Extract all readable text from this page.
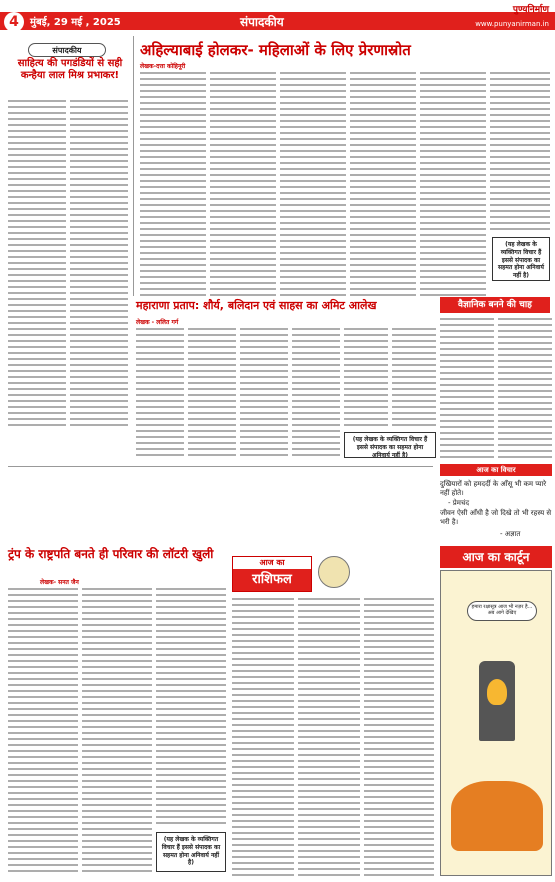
4	मुंबई, 29 मई , 2025	संपादकीय
पुण्यनिर्माण
www.punyanirman.in
संपादकीय
साहित्य की पगडंडियों से सही कन्हैया लाल मिश्र प्रभाकर!
अहिल्याबाई होलकर- महिलाओं के लिए प्रेरणास्रोत
लेखक-दत्ता कोहिनूरी
(यह लेखक के व्यक्तिगत विचार हैं इससे संपादक का सहमत होना अनिवार्य नहीं है)
वैज्ञानिक बनने की चाह
महाराणा प्रताप: शौर्य, बलिदान एवं साहस का अमिट आलेख
लेखक - ललित गर्ग
(यह लेखक के व्यक्तिगत विचार हैं इससे संपादक का सहमत होना अनिवार्य नहीं है)
आज का विचार
दुखियारों को हमदर्दी के आँसू भी कम प्यारे नहीं होते।
- प्रेमचंद
जीवन ऐसी आँधी है जो दिखे तो भी रहस्य से भरी है।
- अज्ञात
आज का कार्टून
हमारा रक्षासूत्र आज भी नज़र है... अब आगे देखिए
ट्रंप के राष्ट्रपति बनते ही परिवार की लॉटरी खुली
लेखक- सनत जैन
(यह लेखक के व्यक्तिगत विचार हैं इससे संपादक का सहमत होना अनिवार्य नहीं है)
आज का
राशिफल
